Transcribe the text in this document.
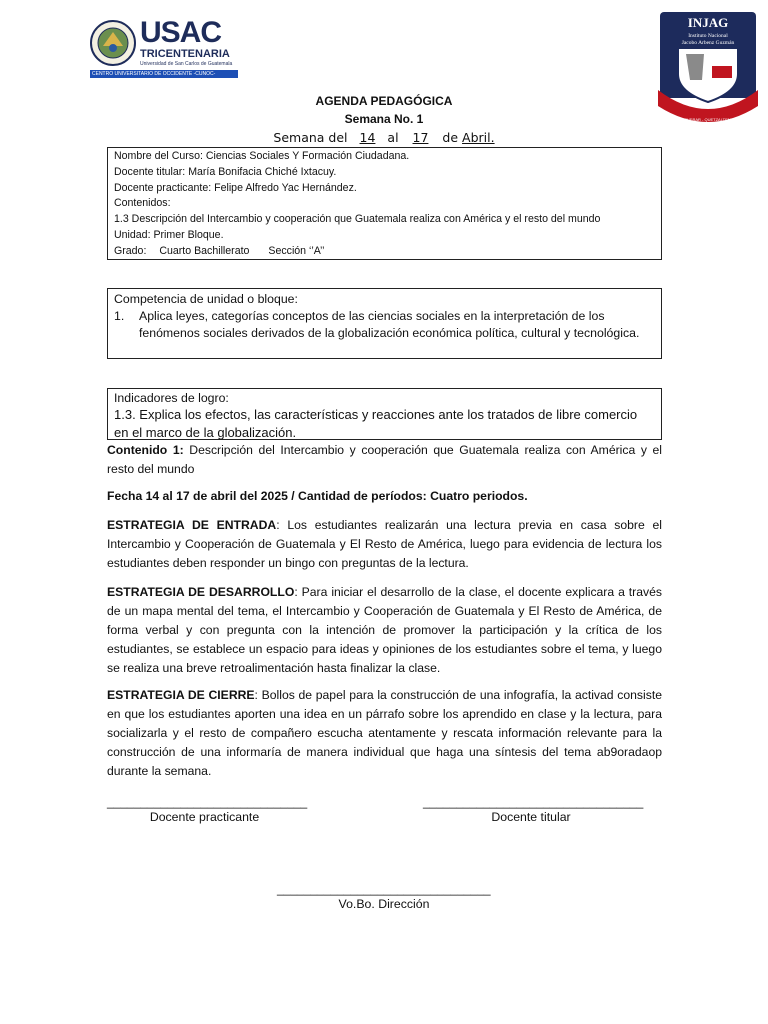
USAC
TRICENTENARIA
Universidad de San Carlos de Guatemala
CENTRO UNIVERSITARIO DE OCCIDENTE -CUNOC-
INJAG
Instituto Nacional
Jacobo Arbenz Guzmán
PERSEVERAR - QUETZALTENANGO
AGENDA PEDAGÓGICA
Semana No. 1
Semana del 14 al 17 de Abril.
Nombre del Curso: Ciencias Sociales Y Formación Ciudadana.
Docente titular: María Bonifacia Chiché Ixtacuy.
Docente practicante: Felipe Alfredo Yac Hernández.
Contenidos:
1.3 Descripción del Intercambio y cooperación que Guatemala realiza con América y el resto del mundo
Unidad: Primer Bloque.
Grado: Cuarto Bachillerato Sección ‘’A’’
Competencia de unidad o bloque:
1.	Aplica leyes, categorías conceptos de las ciencias sociales en la interpretación de los fenómenos sociales derivados de la globalización económica política, cultural y tecnológica.
Indicadores de logro:
1.3. Explica los efectos, las características y reacciones ante los tratados de libre comercio en el marco de la globalización.
Contenido 1: Descripción del Intercambio y cooperación que Guatemala realiza con América y el resto del mundo
Fecha 14 al 17 de abril del 2025 / Cantidad de períodos: Cuatro periodos.
ESTRATEGIA DE ENTRADA: Los estudiantes realizarán una lectura previa en casa sobre el Intercambio y Cooperación de Guatemala y El Resto de América, luego para evidencia de lectura los estudiantes deben responder un bingo con preguntas de la lectura.
ESTRATEGIA DE DESARROLLO: Para iniciar el desarrollo de la clase, el docente explicara a través de un mapa mental del tema, el Intercambio y Cooperación de Guatemala y El Resto de América, de forma verbal y con pregunta con la intención de promover la participación y la crítica de los estudiantes, se establece un espacio para ideas y opiniones de los estudiantes sobre el tema, y luego se realiza una breve retroalimentación hasta finalizar la clase.
ESTRATEGIA DE CIERRE: Bollos de papel para la construcción de una infografía, la activad consiste en que los estudiantes aporten una idea en un párrafo sobre los aprendido en clase y la lectura, para socializarla y el resto de compañero escucha atentamente y rescata información relevante para la construcción de una informaría de manera individual que haga una síntesis del tema ab9oradaop durante la semana.
______________________________
Docente practicante
_________________________________
Docente titular
________________________________
Vo.Bo. Dirección
